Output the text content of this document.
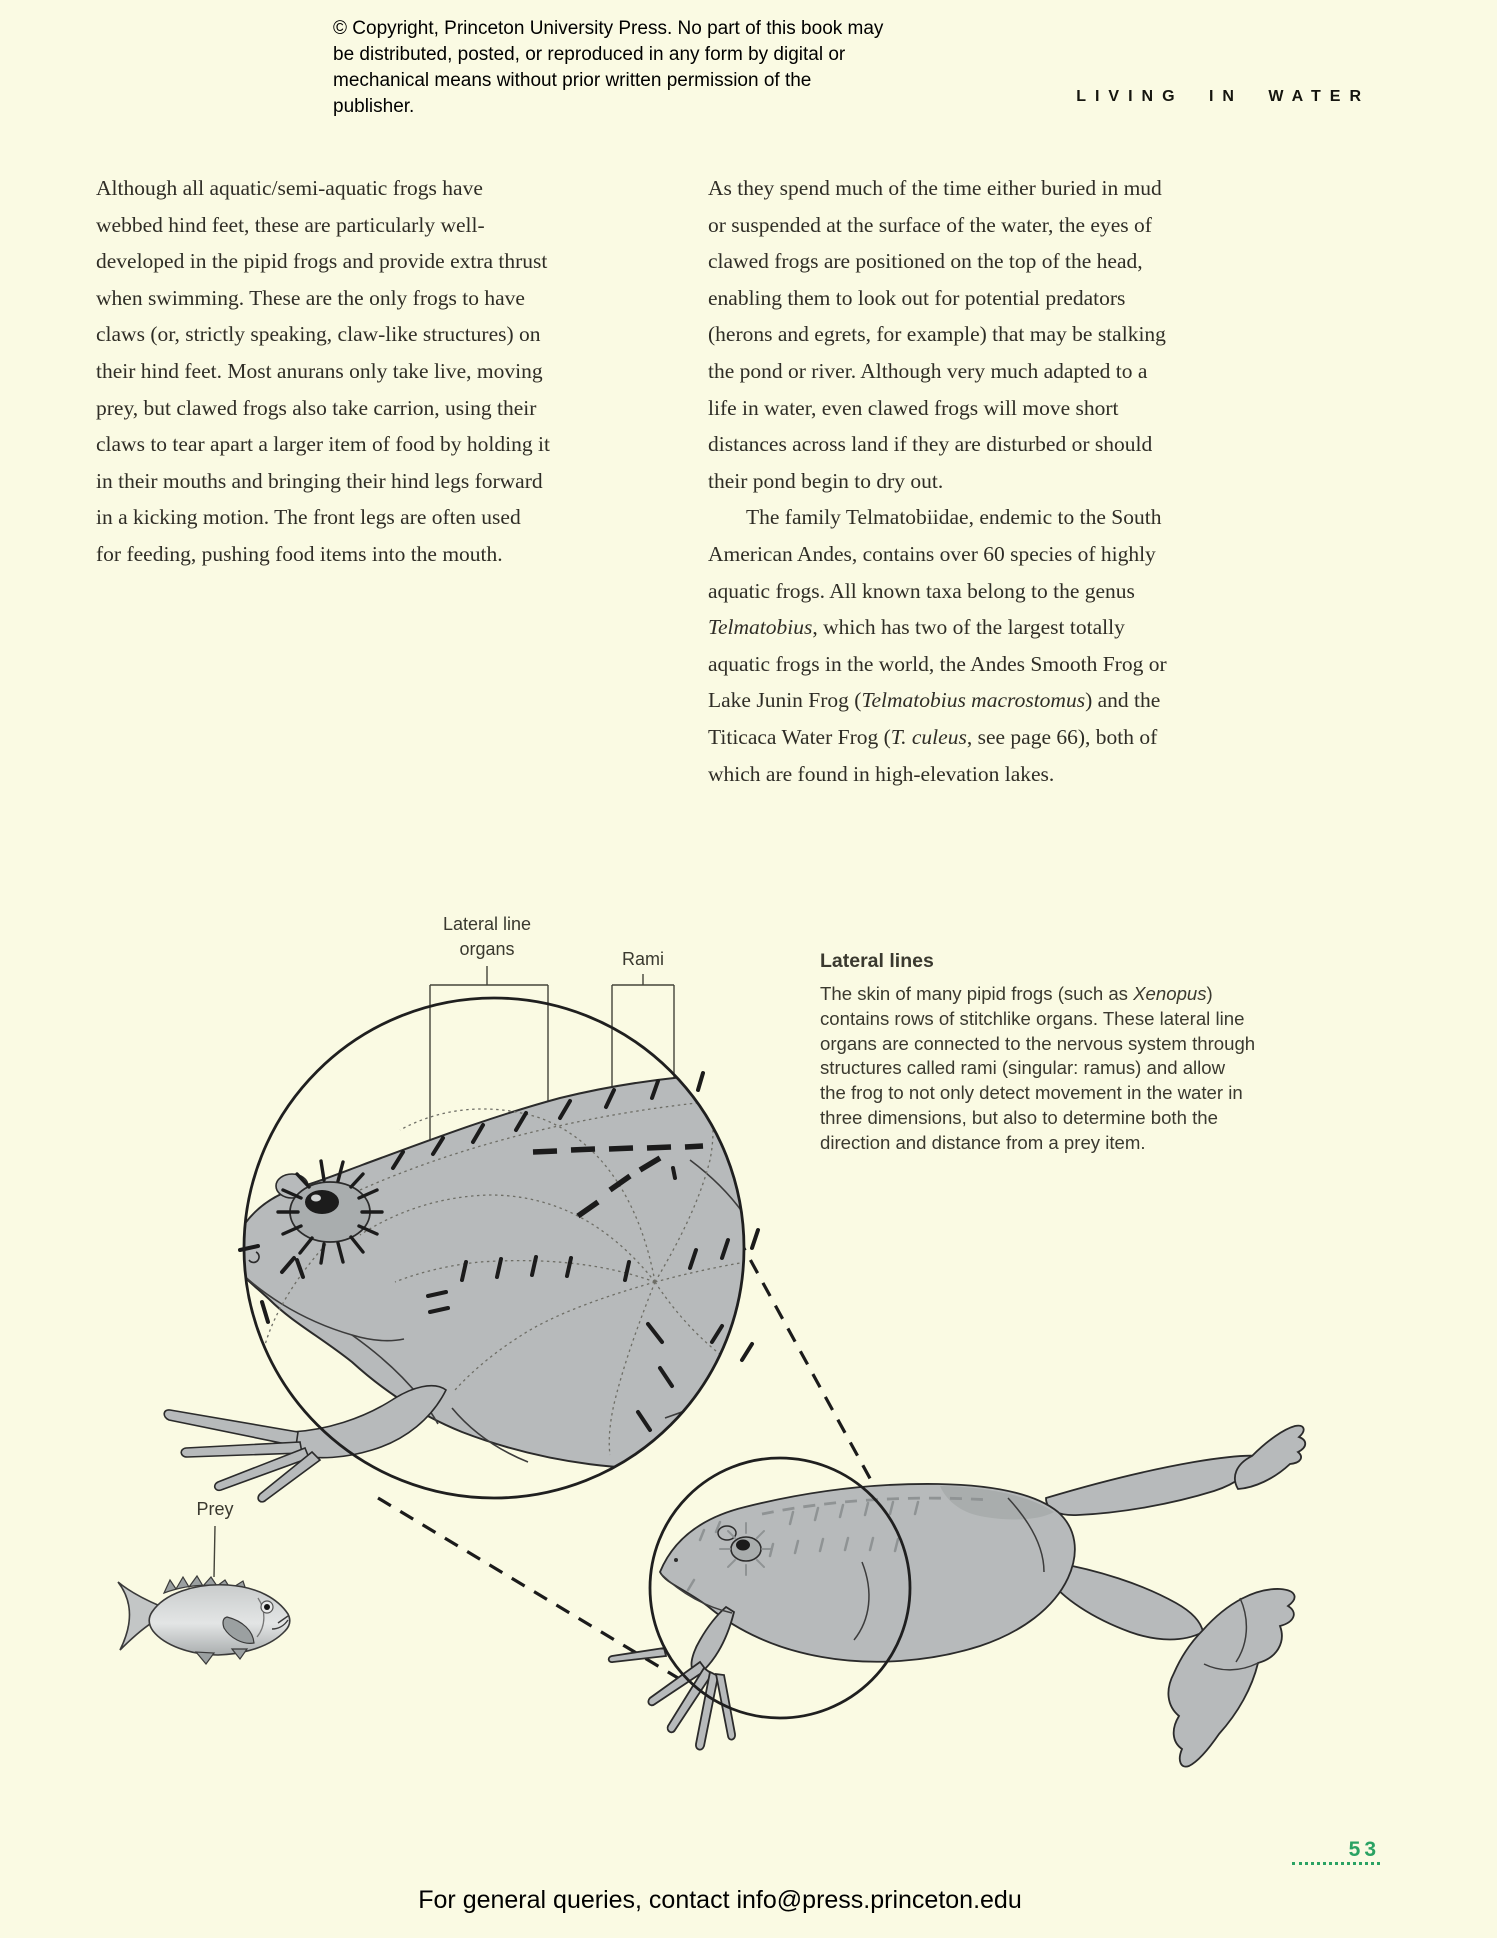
© Copyright, Princeton University Press. No part of this book may be distributed, posted, or reproduced in any form by digital or mechanical means without prior written permission of the publisher.	LIVING IN WATER

Although all aquatic/semi-aquatic frogs have webbed hind feet, these are particularly well-developed in the pipid frogs and provide extra thrust when swimming. These are the only frogs to have claws (or, strictly speaking, claw-like structures) on their hind feet. Most anurans only take live, moving prey, but clawed frogs also take carrion, using their claws to tear apart a larger item of food by holding it in their mouths and bringing their hind legs forward in a kicking motion. The front legs are often used for feeding, pushing food items into the mouth.

As they spend much of the time either buried in mud or suspended at the surface of the water, the eyes of clawed frogs are positioned on the top of the head, enabling them to look out for potential predators (herons and egrets, for example) that may be stalking the pond or river. Although very much adapted to a life in water, even clawed frogs will move short distances across land if they are disturbed or should their pond begin to dry out.

The family Telmatobiidae, endemic to the South American Andes, contains over 60 species of highly aquatic frogs. All known taxa belong to the genus Telmatobius, which has two of the largest totally aquatic frogs in the world, the Andes Smooth Frog or Lake Junin Frog (Telmatobius macrostomus) and the Titicaca Water Frog (T. culeus, see page 66), both of which are found in high-elevation lakes.

Lateral line
organs	Rami
Prey

Lateral lines

The skin of many pipid frogs (such as Xenopus) contains rows of stitchlike organs. These lateral line organs are connected to the nervous system through structures called rami (singular: ramus) and allow the frog to not only detect movement in the water in three dimensions, but also to determine both the direction and distance from a prey item.

53
For general queries, contact info@press.princeton.edu
